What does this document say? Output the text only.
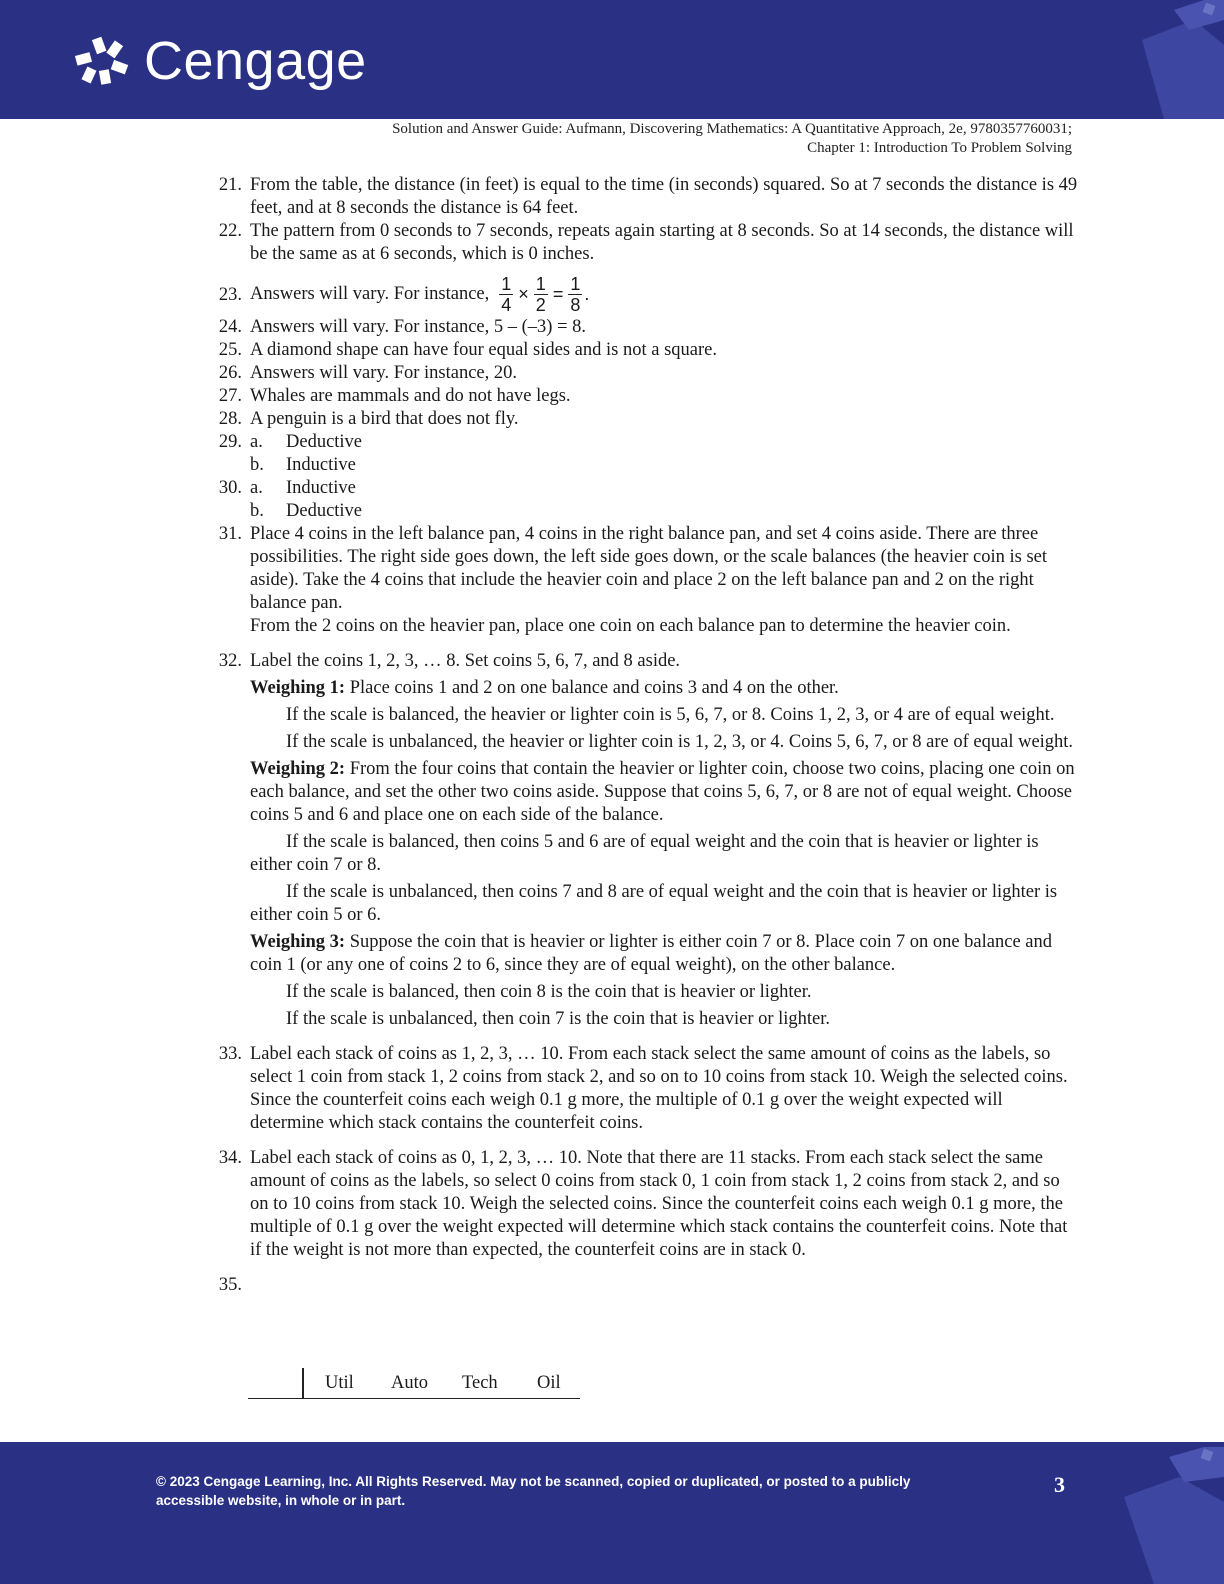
Cengage
Solution and Answer Guide: Aufmann, Discovering Mathematics: A Quantitative Approach, 2e, 9780357760031;
Chapter 1: Introduction To Problem Solving
21. From the table, the distance (in feet) is equal to the time (in seconds) squared. So at 7 seconds the distance is 49 feet, and at 8 seconds the distance is 64 feet.
22. The pattern from 0 seconds to 7 seconds, repeats again starting at 8 seconds. So at 14 seconds, the distance will be the same as at 6 seconds, which is 0 inches.
23. Answers will vary. For instance, $\frac{1}{4} \times \frac{1}{2} = \frac{1}{8}$ .
24. Answers will vary. For instance, 5 – (–3) = 8.
25. A diamond shape can have four equal sides and is not a square.
26. Answers will vary. For instance, 20.
27. Whales are mammals and do not have legs.
28. A penguin is a bird that does not fly.
29. a.	Deductive
b.	Inductive
30. a.	Inductive
b.	Deductive
31. Place 4 coins in the left balance pan, 4 coins in the right balance pan, and set 4 coins aside. There are three possibilities. The right side goes down, the left side goes down, or the scale balances (the heavier coin is set aside). Take the 4 coins that include the heavier coin and place 2 on the left balance pan and 2 on the right balance pan.
From the 2 coins on the heavier pan, place one coin on each balance pan to determine the heavier coin.
32. Label the coins 1, 2, 3, … 8. Set coins 5, 6, 7, and 8 aside.
Weighing 1: Place coins 1 and 2 on one balance and coins 3 and 4 on the other.
If the scale is balanced, the heavier or lighter coin is 5, 6, 7, or 8. Coins 1, 2, 3, or 4 are of equal weight.
If the scale is unbalanced, the heavier or lighter coin is 1, 2, 3, or 4. Coins 5, 6, 7, or 8 are of equal weight.
Weighing 2: From the four coins that contain the heavier or lighter coin, choose two coins, placing one coin on each balance, and set the other two coins aside. Suppose that coins 5, 6, 7, or 8 are not of equal weight. Choose coins 5 and 6 and place one on each side of the balance.
If the scale is balanced, then coins 5 and 6 are of equal weight and the coin that is heavier or lighter is either coin 7 or 8.
If the scale is unbalanced, then coins 7 and 8 are of equal weight and the coin that is heavier or lighter is either coin 5 or 6.
Weighing 3: Suppose the coin that is heavier or lighter is either coin 7 or 8. Place coin 7 on one balance and coin 1 (or any one of coins 2 to 6, since they are of equal weight), on the other balance.
If the scale is balanced, then coin 8 is the coin that is heavier or lighter.
If the scale is unbalanced, then coin 7 is the coin that is heavier or lighter.
33. Label each stack of coins as 1, 2, 3, … 10. From each stack select the same amount of coins as the labels, so select 1 coin from stack 1, 2 coins from stack 2, and so on to 10 coins from stack 10. Weigh the selected coins. Since the counterfeit coins each weigh 0.1 g more, the multiple of 0.1 g over the weight expected will determine which stack contains the counterfeit coins.
34. Label each stack of coins as 0, 1, 2, 3, … 10. Note that there are 11 stacks. From each stack select the same amount of coins as the labels, so select 0 coins from stack 0, 1 coin from stack 1, 2 coins from stack 2, and so on to 10 coins from stack 10. Weigh the selected coins. Since the counterfeit coins each weigh 0.1 g more, the multiple of 0.1 g over the weight expected will determine which stack contains the counterfeit coins. Note that if the weight is not more than expected, the counterfeit coins are in stack 0.
35.

Util Auto Tech Oil
© 2023 Cengage Learning, Inc. All Rights Reserved. May not be scanned, copied or duplicated, or posted to a publicly accessible website, in whole or in part.
3
